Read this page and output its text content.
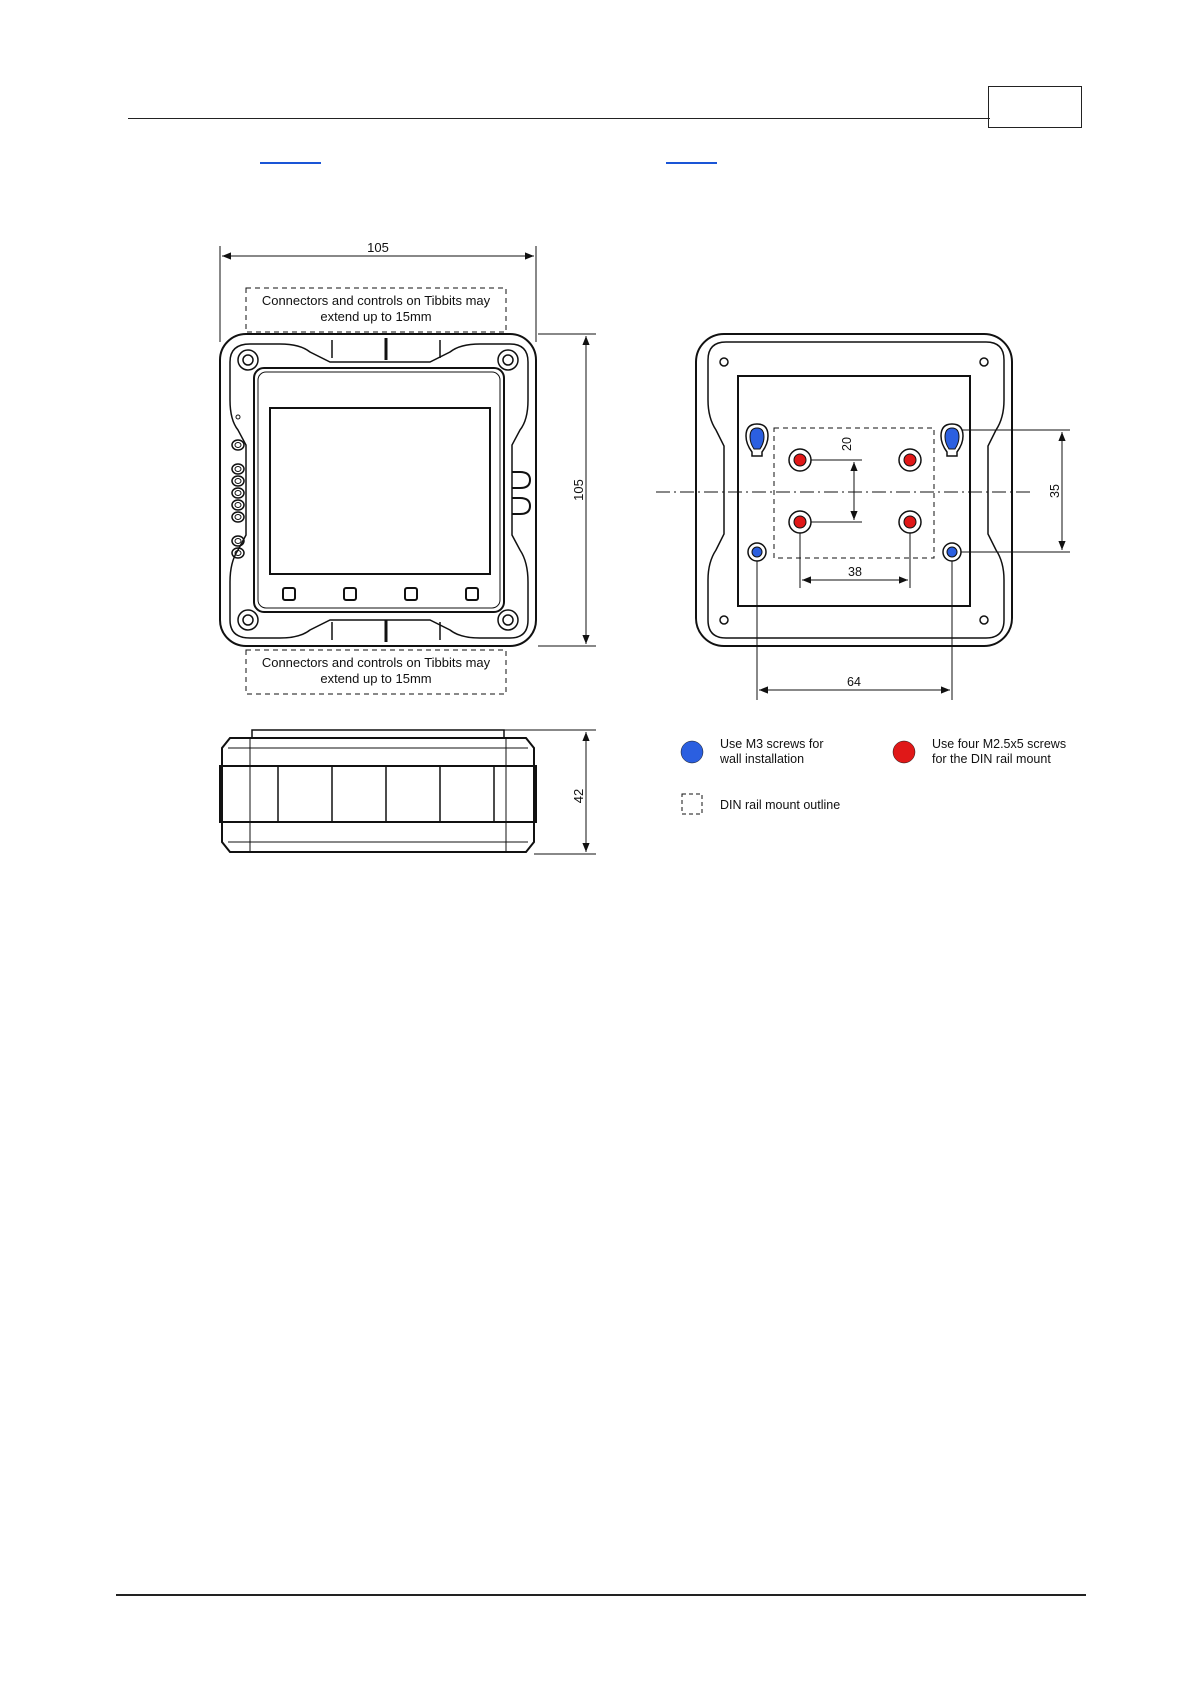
105
105
Connectors and controls on Tibbits may
extend up to 15mm
Connectors and controls on Tibbits may
extend up to 15mm
42
20
38
35
64
Use M3 screws for
wall installation
Use four M2.5x5 screws
for the DIN rail mount
DIN rail mount outline
